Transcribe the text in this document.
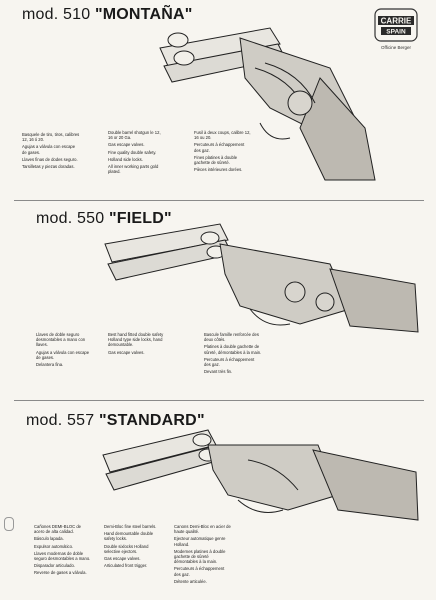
CARRIE
SPAIN
Officine Berger
mod. 510 "MONTAÑA"

Basquele de tiro, tiros, calibres 12, 16 ó 20.

Agujas a válvula con escape de gases.

Llaves finas de dodes seguro.

Tarsilletas y piezas doradas.

Double barrel shotgun le 12, 16 or 20 Ga.

Gas escape valves.

Fine quality double safety.

Holland side locks.

All inner working parts gold plated.

Fusil à deux coups, calibre 12, 16 ou 20.

Percuteurs à échappement des gaz.

Fines platines à double gachette de sûreté.

Pièces intérieures dorées.

mod. 550 "FIELD"

Llaves de doble seguro desmontables a mano con llaves.

Agujas a válvula con escape de gases.

Delantera fina.

Best hand fitted double safety Holland type side locks, hand demountable.

Gas escape valves.

Bascule famille renforcée des deux côtés.

Platines à double gachette de sûreté, démontables à la main.

Percuteurs à échappement des gaz.

Devant très fin.

mod. 557 "STANDARD"

Cañones DEMI-BLOC de acero de alta calidad.

Básculo lapada.

Expulsor automático.

Llaves modernas de doble seguro desmontables a mano.

Disparador articulado.

Reverse de gases a válvula.

Demi-Bloc fine steel barrels.

Hand demountable double safety locks.

Double sixlocks Holland selective ejectors.

Gas escape valves.

Articulated front trigger.

Canons Demi-Bloc en acier de haute qualité.

Ejecteur automatique genre Holland.

Modernes platines à double gachette de sûreté démontables à la main.

Percuteurs à échappement des gaz.

Détente articulée.
